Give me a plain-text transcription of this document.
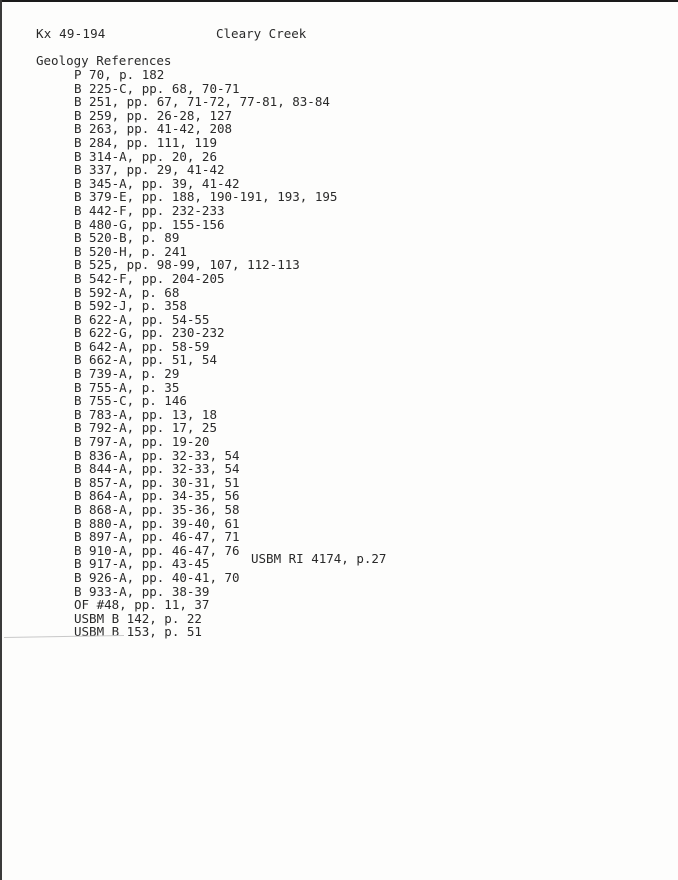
Kx 49-194	Cleary Creek
Geology References
P 70, p. 182
B 225-C, pp. 68, 70-71
B 251, pp. 67, 71-72, 77-81, 83-84
B 259, pp. 26-28, 127
B 263, pp. 41-42, 208
B 284, pp. 111, 119
B 314-A, pp. 20, 26
B 337, pp. 29, 41-42
B 345-A, pp. 39, 41-42
B 379-E, pp. 188, 190-191, 193, 195
B 442-F, pp. 232-233
B 480-G, pp. 155-156
B 520-B, p. 89
B 520-H, p. 241
B 525, pp. 98-99, 107, 112-113
B 542-F, pp. 204-205
B 592-A, p. 68
B 592-J, p. 358
B 622-A, pp. 54-55
B 622-G, pp. 230-232
B 642-A, pp. 58-59
B 662-A, pp. 51, 54
B 739-A, p. 29
B 755-A, p. 35
B 755-C, p. 146
B 783-A, pp. 13, 18
B 792-A, pp. 17, 25
B 797-A, pp. 19-20
B 836-A, pp. 32-33, 54
B 844-A, pp. 32-33, 54
B 857-A, pp. 30-31, 51
B 864-A, pp. 34-35, 56
B 868-A, pp. 35-36, 58
B 880-A, pp. 39-40, 61
B 897-A, pp. 46-47, 71
B 910-A, pp. 46-47, 76
B 917-A, pp. 43-45
B 926-A, pp. 40-41, 70
B 933-A, pp. 38-39
OF #48, pp. 11, 37
USBM B 142, p. 22
USBM B 153, p. 51
USBM RI 4174, p.27
